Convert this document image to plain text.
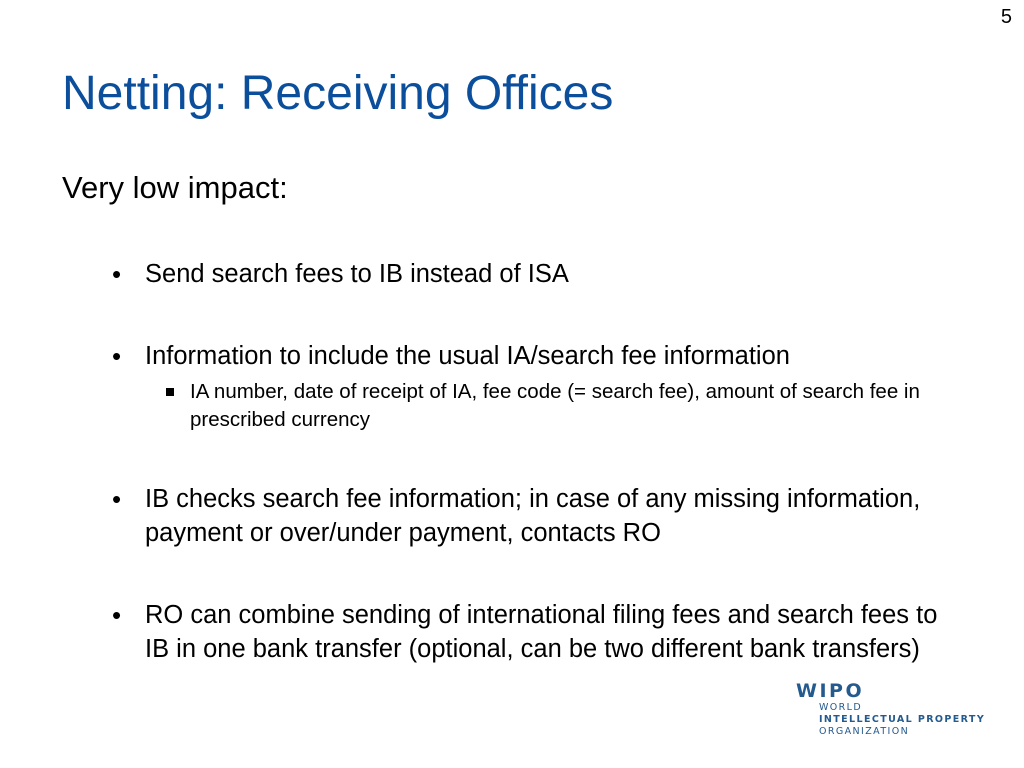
5
Netting: Receiving Offices
Very low impact:
• Send search fees to IB instead of ISA
• Information to include the usual IA/search fee information
IA number, date of receipt of IA, fee code (= search fee), amount of search fee in prescribed currency
• IB checks search fee information; in case of any missing information, payment or over/under payment, contacts RO
• RO can combine sending of international filing fees and search fees to IB in one bank transfer (optional, can be two different bank transfers)
WIPO
WORLD
INTELLECTUAL PROPERTY
ORGANIZATION
